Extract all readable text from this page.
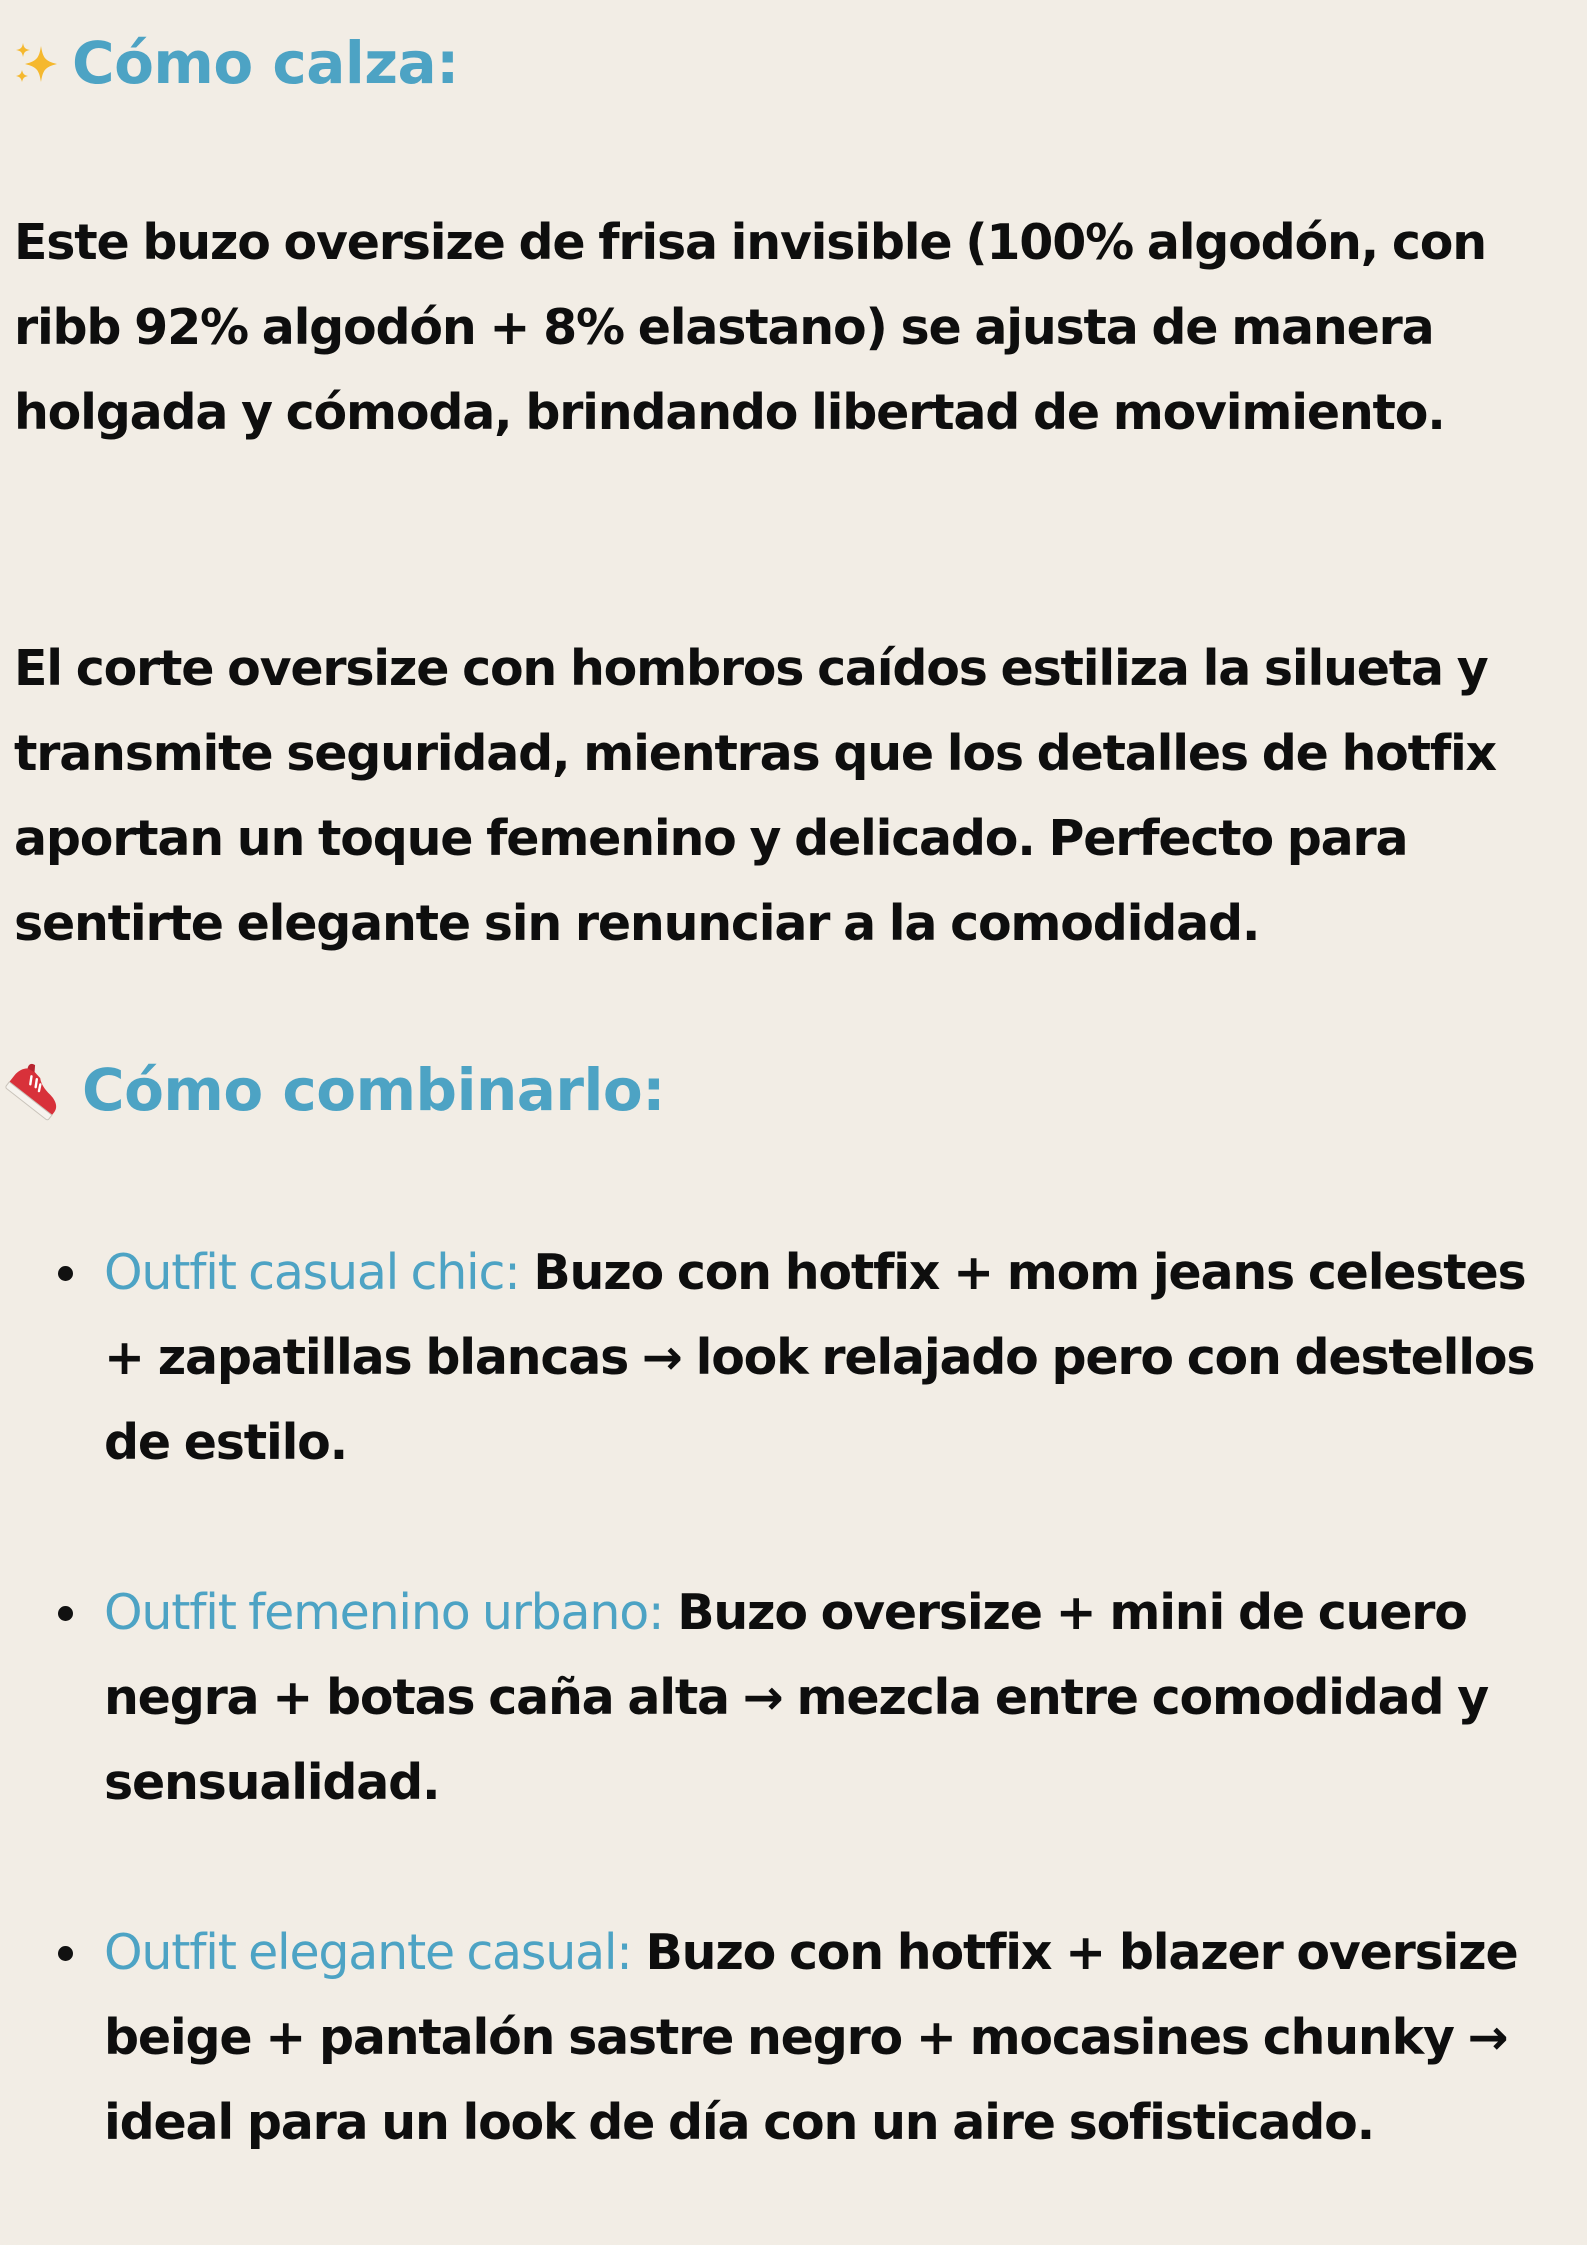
Cómo calza:

Este buzo oversize de frisa invisible (100% algodón, con ribb 92% algodón + 8% elastano) se ajusta de manera holgada y cómoda, brindando libertad de movimiento.

El corte oversize con hombros caídos estiliza la silueta y transmite seguridad, mientras que los detalles de hotfix aportan un toque femenino y delicado. Perfecto para sentirte elegante sin renunciar a la comodidad.

Cómo combinarlo:

Outfit casual chic: Buzo con hotfix + mom jeans celestes + zapatillas blancas → look relajado pero con destellos de estilo.

Outfit femenino urbano: Buzo oversize + mini de cuero negra + botas caña alta → mezcla entre comodidad y sensualidad.

Outfit elegante casual: Buzo con hotfix + blazer oversize beige + pantalón sastre negro + mocasines chunky → ideal para un look de día con un aire sofisticado.
